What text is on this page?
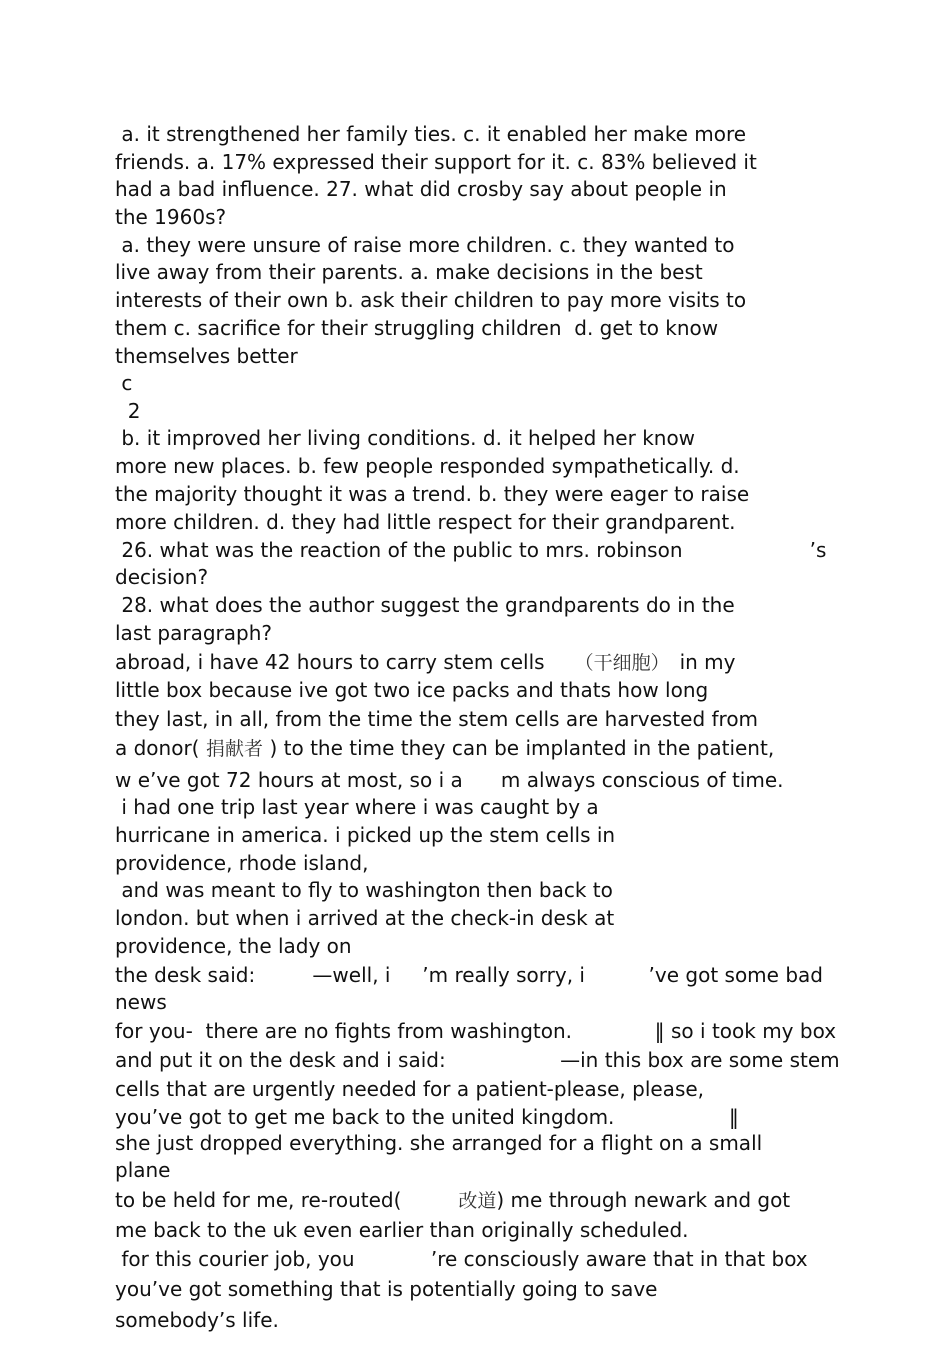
a. it strengthened her family ties. c. it enabled her make more
friends. a. 17% expressed their support for it. c. 83% believed it
had a bad influence. 27. what did crosby say about people in
the 1960s?
a. they were unsure of raise more children. c. they wanted to
live away from their parents. a. make decisions in the best
interests of their own b. ask their children to pay more visits to
them c. sacrifice for their struggling children  d. get to know
themselves better
c
2
b. it improved her living conditions. d. it helped her know
more new places. b. few people responded sympathetically. d.
the majority thought it was a trend. b. they were eager to raise
more children. d. they had little respect for their grandparent.
26. what was the reaction of the public to mrs. robinson                    ’s
decision?
28. what does the author suggest the grandparents do in the
last paragraph?
abroad, i have 42 hours to carry stem cells （干细胞） in my
little box because ive got two ice packs and thats how long
they last, in all, from the time the stem cells are harvested from
a donor( 捐献者 ) to the time they can be implanted in the patient,
w e’ve got 72 hours at most, so i a      m always conscious of time.
i had one trip last year where i was caught by a
hurricane in america. i picked up the stem cells in
providence, rhode island,
and was meant to fly to washington then back to
london. but when i arrived at the check-in desk at
providence, the lady on
the desk said:         —well, i     ’m really sorry, i          ’ve got some bad
news
for you-  there are no fights from washington.             ‖ so i took my box
and put it on the desk and i said:                  —in this box are some stem
cells that are urgently needed for a patient-please, please,
you’ve got to get me back to the united kingdom.                  ‖
she just dropped everything. she arranged for a flight on a small
plane
to be held for me, re-routed(	改道) me through newark and got
me back to the uk even earlier than originally scheduled.
for this courier job, you            ’re consciously aware that in that box
you’ve got something that is potentially going to save
somebody’s life.
